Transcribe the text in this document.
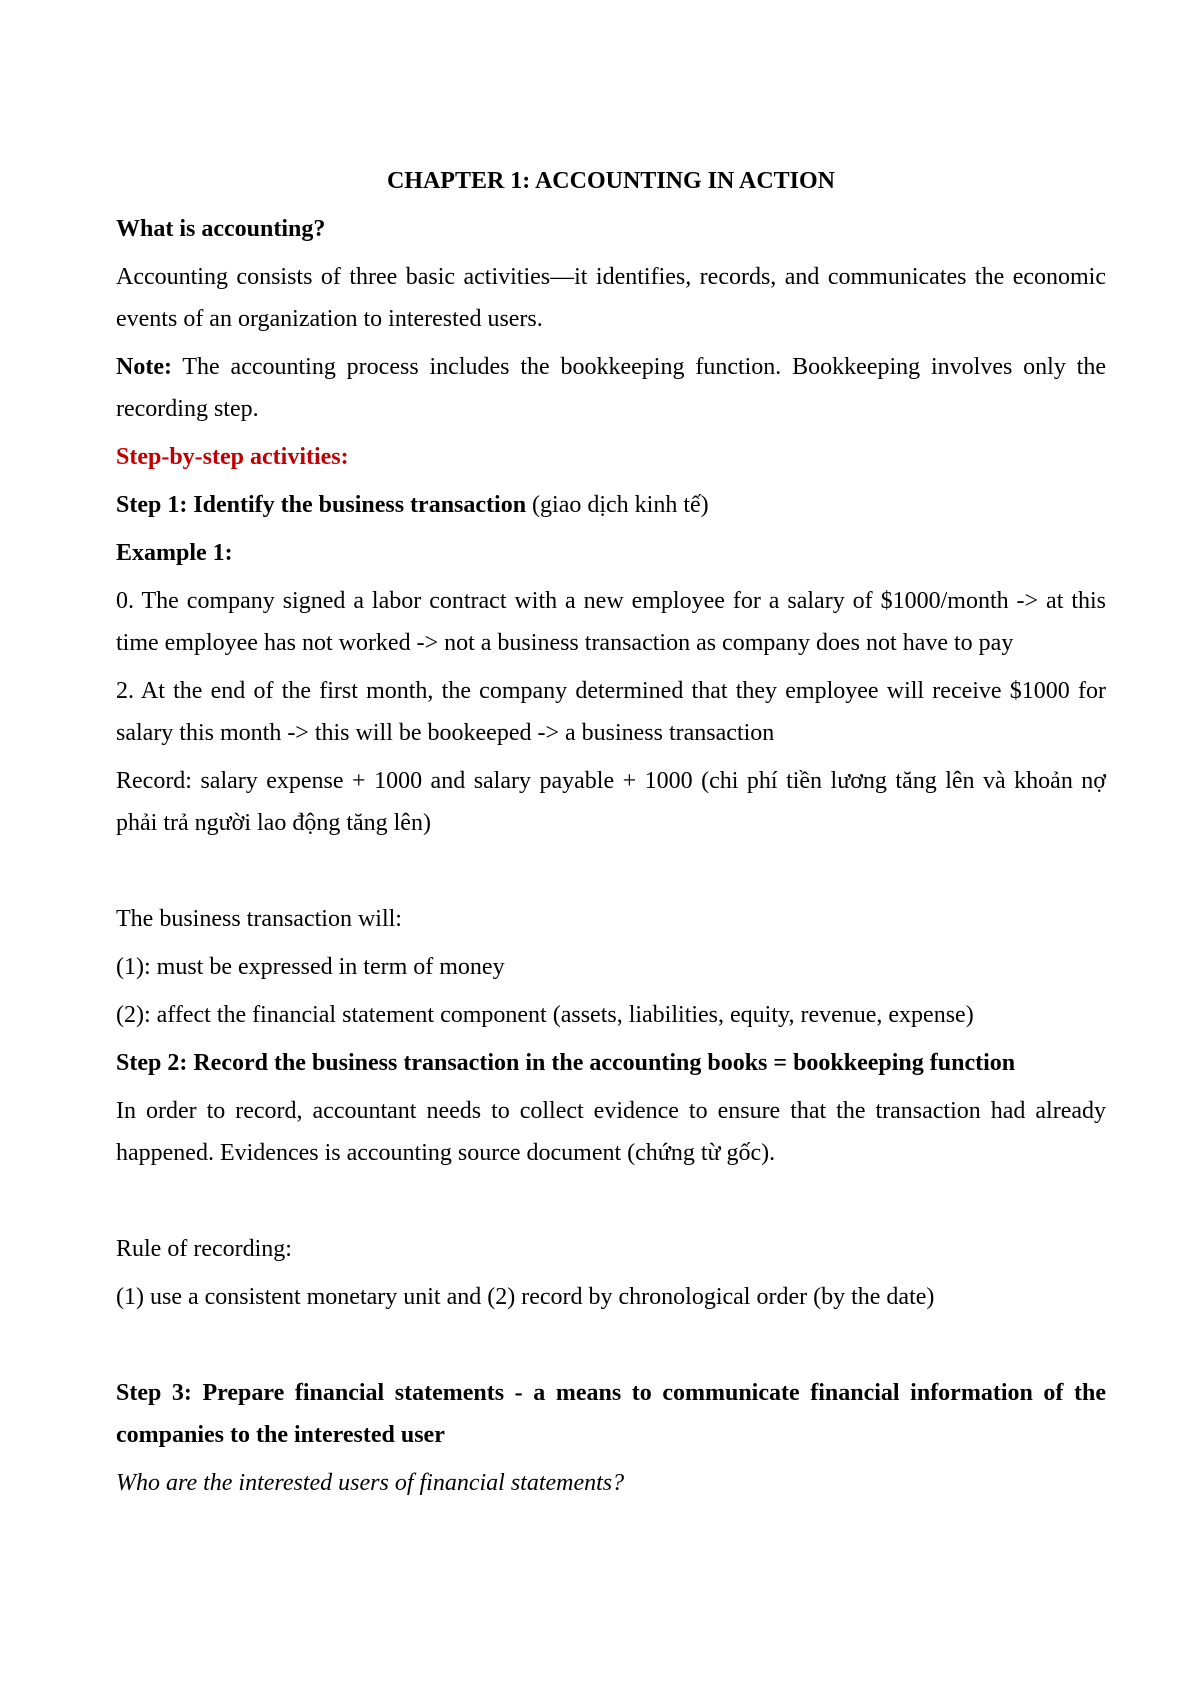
CHAPTER 1: ACCOUNTING IN ACTION

What is accounting?

Accounting consists of three basic activities—it identifies, records, and communicates the economic events of an organization to interested users.

Note: The accounting process includes the bookkeeping function. Bookkeeping involves only the recording step.

Step-by-step activities:

Step 1: Identify the business transaction (giao dịch kinh tế)

Example 1:

0. The company signed a labor contract with a new employee for a salary of $1000/month -> at this time employee has not worked -> not a business transaction as company does not have to pay

2. At the end of the first month, the company determined that they employee will receive $1000 for salary this month -> this will be bookeeped -> a business transaction

Record: salary expense + 1000 and salary payable + 1000 (chi phí tiền lương tăng lên và khoản nợ phải trả người lao động tăng lên)

The business transaction will:

(1): must be expressed in term of money

(2): affect the financial statement component (assets, liabilities, equity, revenue, expense)

Step 2: Record the business transaction in the accounting books = bookkeeping function

In order to record, accountant needs to collect evidence to ensure that the transaction had already happened. Evidences is accounting source document (chứng từ gốc).

Rule of recording:

(1) use a consistent monetary unit and (2) record by chronological order (by the date)

Step 3: Prepare financial statements - a means to communicate financial information of the companies to the interested user

Who are the interested users of financial statements?
